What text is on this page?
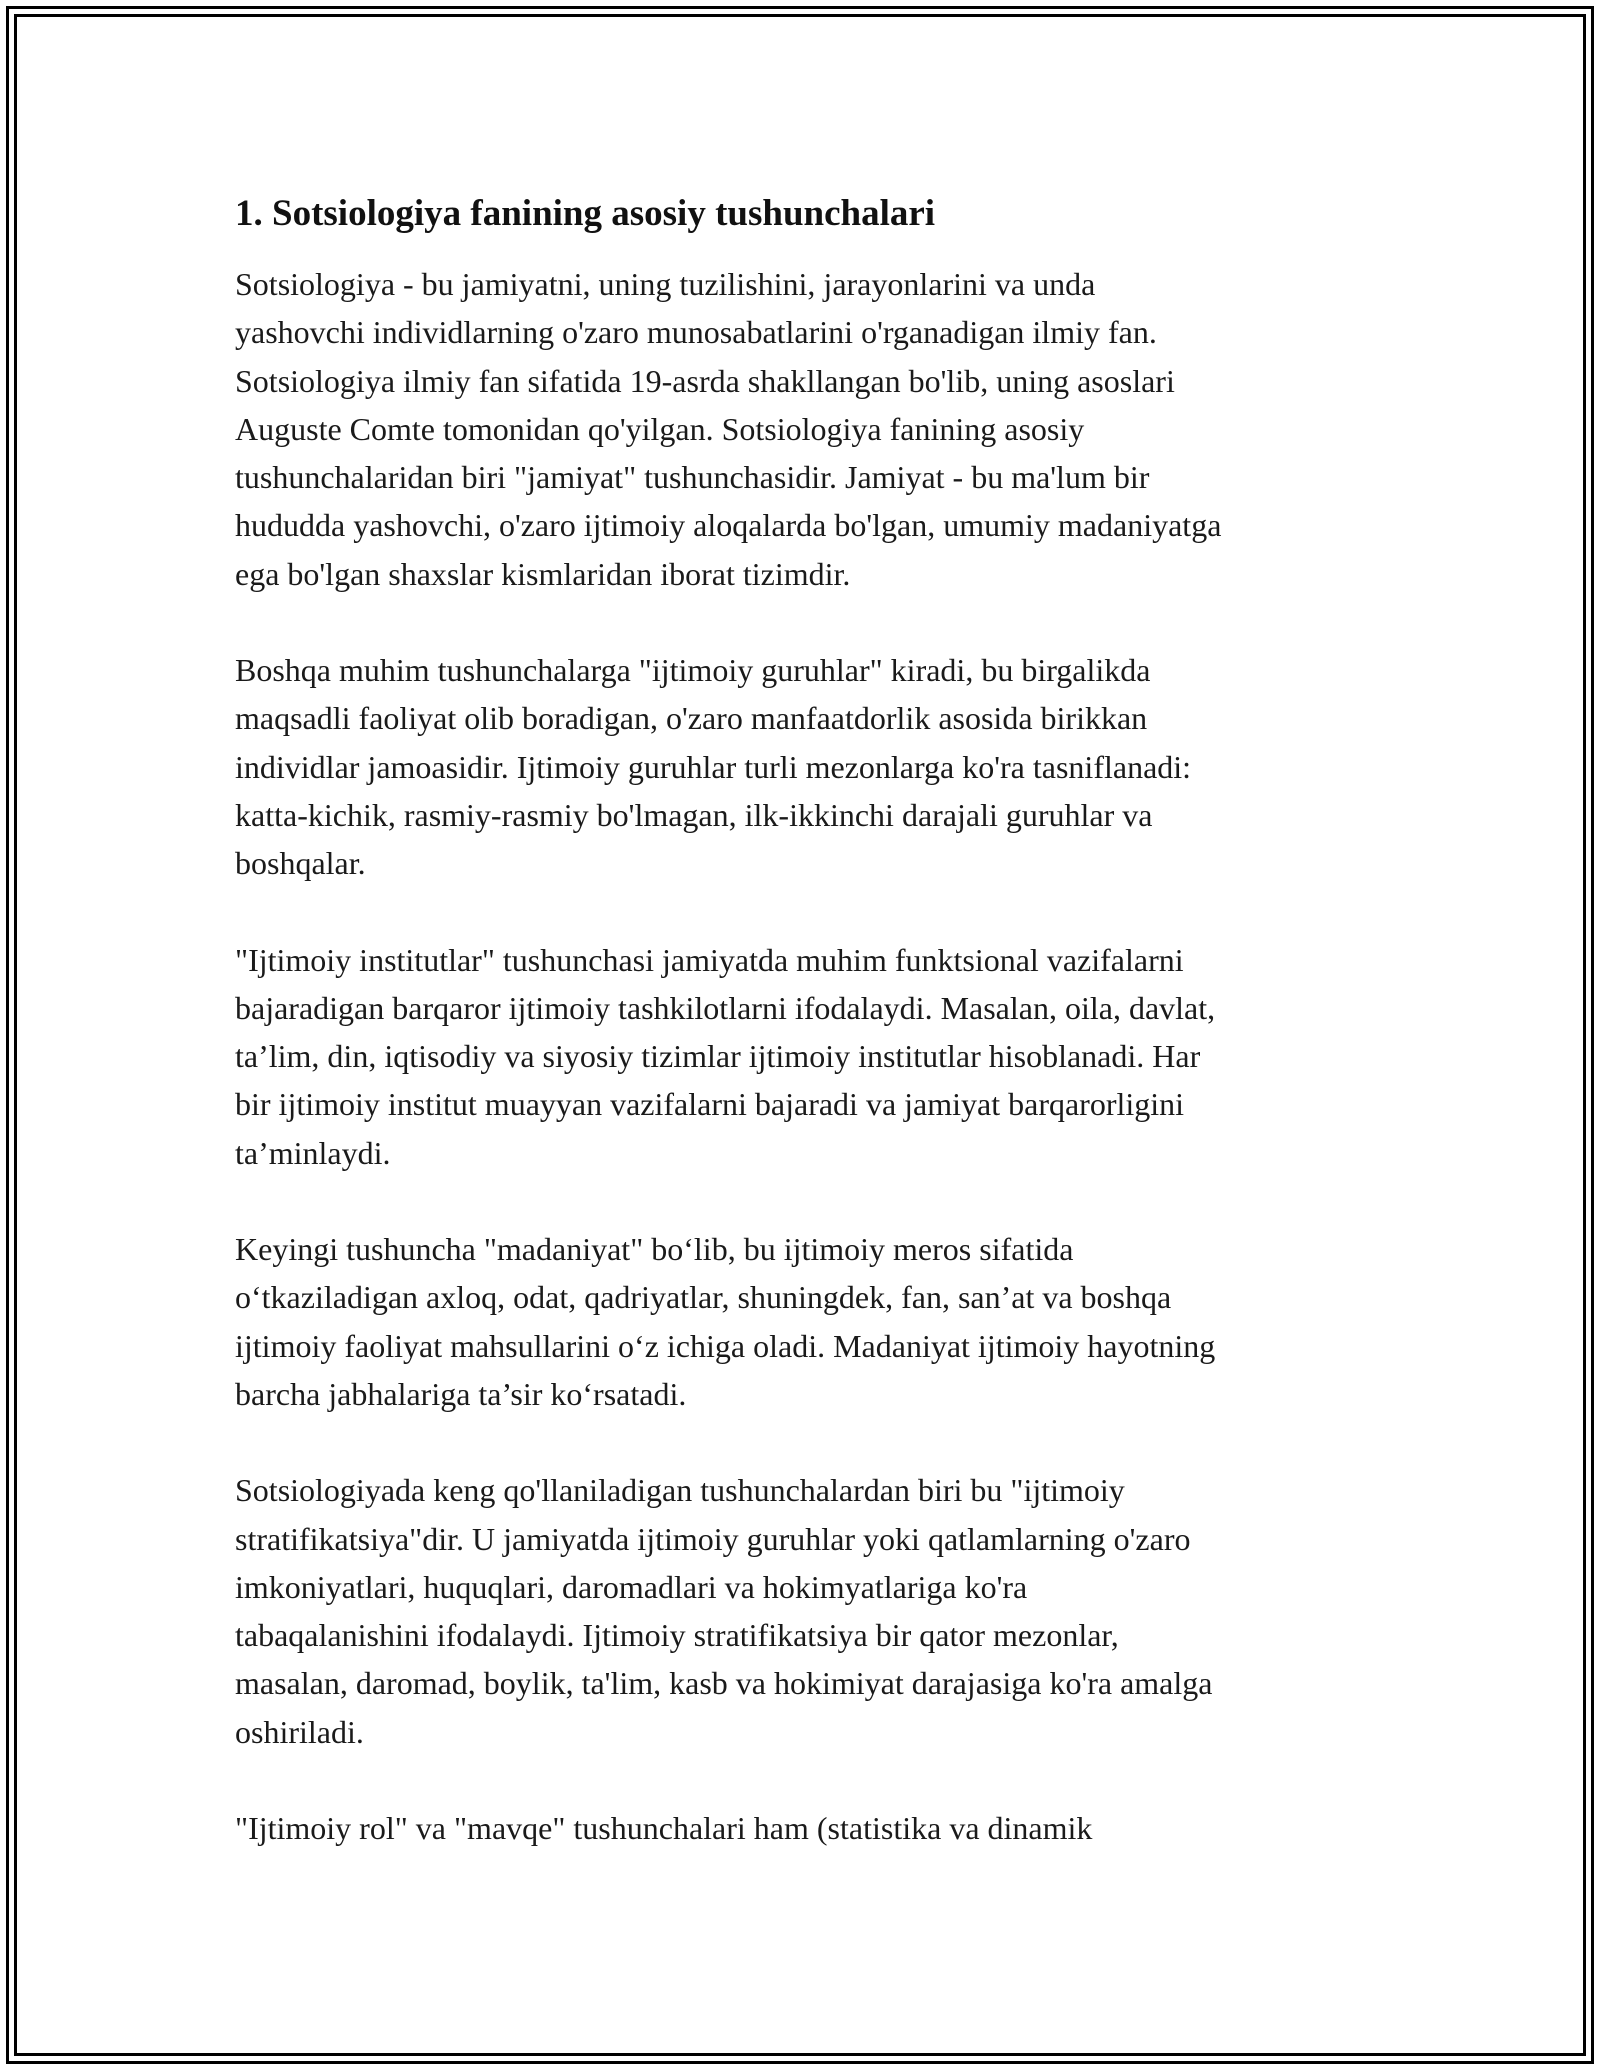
1. Sotsiologiya fanining asosiy tushunchalari

Sotsiologiya - bu jamiyatni, uning tuzilishini, jarayonlarini va unda
yashovchi individlarning o'zaro munosabatlarini o'rganadigan ilmiy fan.
Sotsiologiya ilmiy fan sifatida 19-asrda shakllangan bo'lib, uning asoslari
Auguste Comte tomonidan qo'yilgan. Sotsiologiya fanining asosiy
tushunchalaridan biri "jamiyat" tushunchasidir. Jamiyat - bu ma'lum bir
hududda yashovchi, o'zaro ijtimoiy aloqalarda bo'lgan, umumiy madaniyatga
ega bo'lgan shaxslar kismlaridan iborat tizimdir.

Boshqa muhim tushunchalarga "ijtimoiy guruhlar" kiradi, bu birgalikda
maqsadli faoliyat olib boradigan, o'zaro manfaatdorlik asosida birikkan
individlar jamoasidir. Ijtimoiy guruhlar turli mezonlarga ko'ra tasniflanadi:
katta-kichik, rasmiy-rasmiy bo'lmagan, ilk-ikkinchi darajali guruhlar va
boshqalar.

"Ijtimoiy institutlar" tushunchasi jamiyatda muhim funktsional vazifalarni
bajaradigan barqaror ijtimoiy tashkilotlarni ifodalaydi. Masalan, oila, davlat,
ta’lim, din, iqtisodiy va siyosiy tizimlar ijtimoiy institutlar hisoblanadi. Har
bir ijtimoiy institut muayyan vazifalarni bajaradi va jamiyat barqarorligini
ta’minlaydi.

Keyingi tushuncha "madaniyat" bo‘lib, bu ijtimoiy meros sifatida
o‘tkaziladigan axloq, odat, qadriyatlar, shuningdek, fan, san’at va boshqa
ijtimoiy faoliyat mahsullarini o‘z ichiga oladi. Madaniyat ijtimoiy hayotning
barcha jabhalariga ta’sir ko‘rsatadi.

Sotsiologiyada keng qo'llaniladigan tushunchalardan biri bu "ijtimoiy
stratifikatsiya"dir. U jamiyatda ijtimoiy guruhlar yoki qatlamlarning o'zaro
imkoniyatlari, huquqlari, daromadlari va hokimyatlariga ko'ra
tabaqalanishini ifodalaydi. Ijtimoiy stratifikatsiya bir qator mezonlar,
masalan, daromad, boylik, ta'lim, kasb va hokimiyat darajasiga ko'ra amalga
oshiriladi.

"Ijtimoiy rol" va "mavqe" tushunchalari ham (statistika va dinamik
